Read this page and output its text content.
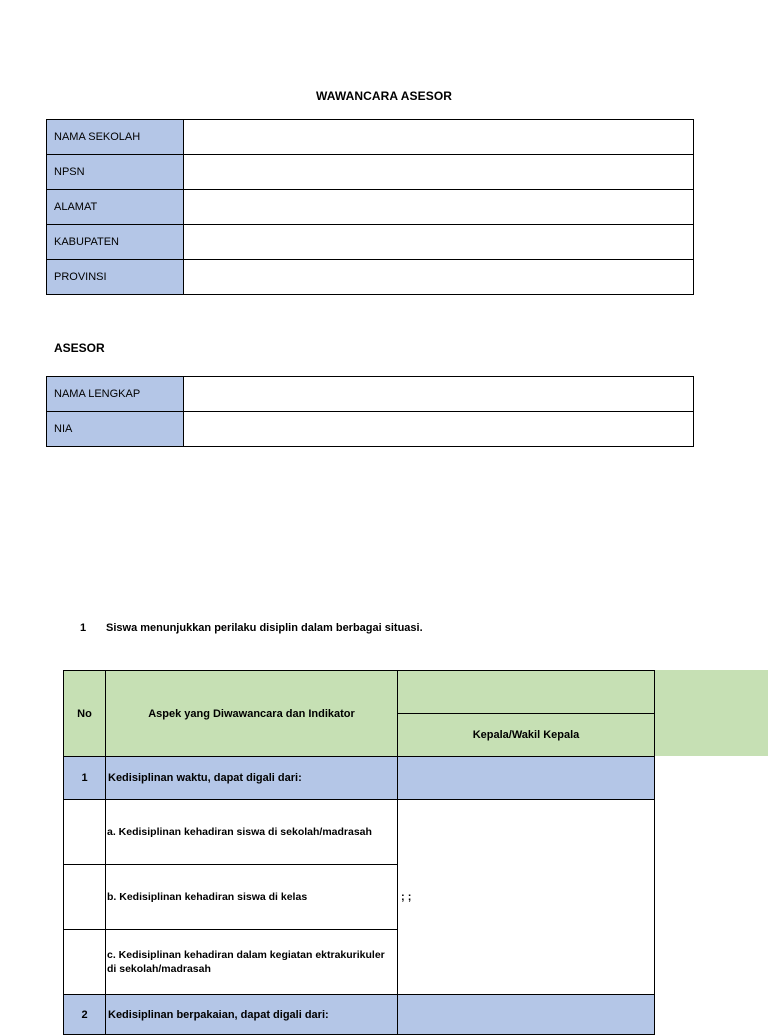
WAWANCARA ASESOR
NAMA SEKOLAH	
NPSN	
ALAMAT	
KABUPATEN	
PROVINSI	
ASESOR
NAMA LENGKAP	
NIA	
1 Siswa menunjukkan perilaku disiplin dalam berbagai situasi.
No	Aspek yang Diwawancara dan Indikator	
		Kepala/Wakil Kepala
1	Kedisiplinan waktu, dapat digali dari:	
	a. Kedisiplinan kehadiran siswa di sekolah/madrasah	; ;
	b. Kedisiplinan kehadiran siswa di kelas	
	c. Kedisiplinan kehadiran dalam kegiatan ektrakurikuler di sekolah/madrasah	
2	Kedisiplinan berpakaian, dapat digali dari:	
